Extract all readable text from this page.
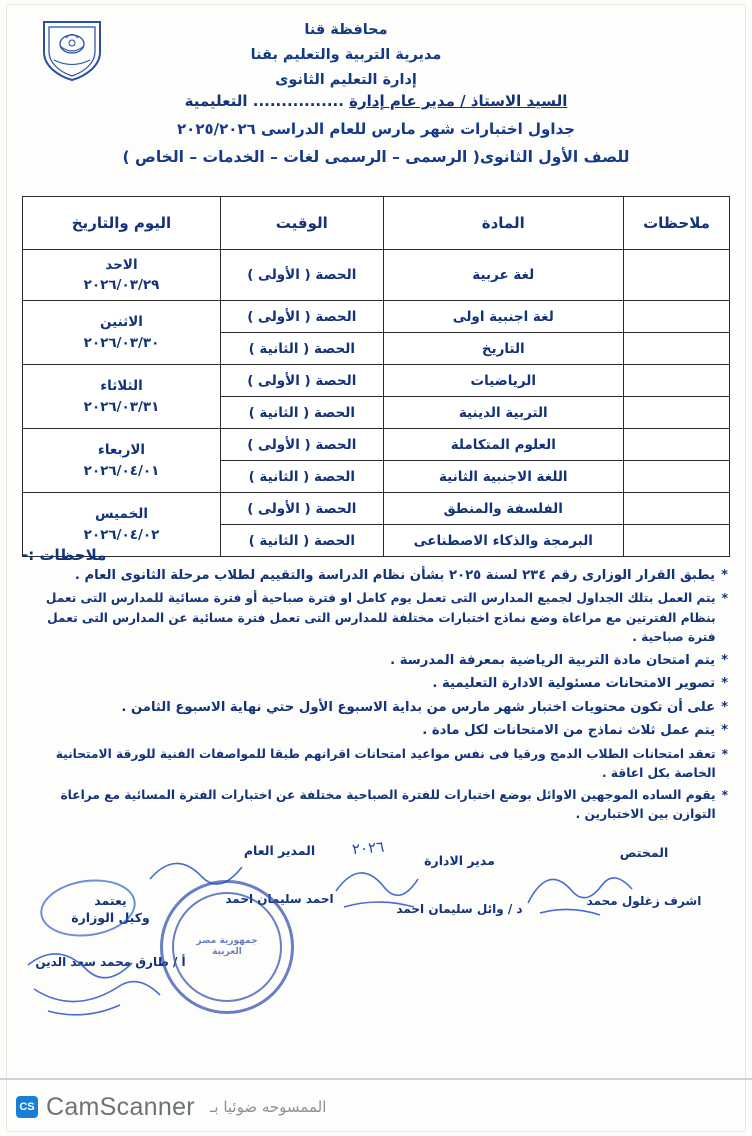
محافظة قنا
مديرية التربية والتعليم بقنا
إدارة التعليم الثانوى
السيد الاستاذ / مدير عام إدارة ................ التعليمية
جداول اختبارات شهر مارس للعام الدراسى ٢٠٢٥/٢٠٢٦
للصف الأول الثانوى( الرسمى – الرسمى لغات – الخدمات – الخاص )
ملاحظات	المادة	الوقيت	اليوم والتاريخ
	لغة عربية	الحصة ( الأولى )	الاحد
٢٠٢٦/٠٣/٢٩

	لغة اجنبية اولى	الحصة ( الأولى )	الاثنين
٢٠٢٦/٠٣/٣٠

	التاريخ	الحصة ( الثانية )	
	الرياضيات	الحصة ( الأولى )	الثلاثاء
٢٠٢٦/٠٣/٣١

	التربية الدينية	الحصة ( الثانية )	
	العلوم المتكاملة	الحصة ( الأولى )	الاربعاء
٢٠٢٦/٠٤/٠١

	اللغة الاجنبية الثانية	الحصة ( الثانية )	
	الفلسفة والمنطق	الحصة ( الأولى )	الخميس
٢٠٢٦/٠٤/٠٢

	البرمجة والذكاء الاصطناعى	الحصة ( الثانية )	
ملاحظات :-
*
يطبق القرار الوزارى رقم ٢٣٤ لسنة ٢٠٢٥ بشأن نظام الدراسة والتقييم لطلاب مرحلة الثانوى العام .
*
يتم العمل بتلك الجداول لجميع المدارس التى تعمل يوم كامل او فترة صباحية أو فترة مسائية للمدارس التى تعمل بنظام الفترتين مع مراعاة وضع نماذج اختبارات مختلفة للمدارس التى تعمل فترة مسائية عن المدارس التى تعمل فترة صباحية .
*
يتم امتحان مادة التربية الرياضية بمعرفة المدرسة .
*
تصوير الامتحانات مسئولية الادارة التعليمية .
*
على أن تكون محتويات اختبار شهر مارس من بداية الاسبوع الأول حتي نهاية الاسبوع الثامن .
*
يتم عمل ثلاث نماذج من الامتحانات لكل مادة .
*
تعقد امتحانات الطلاب الدمج ورقيا فى نفس مواعيد امتحانات اقرانهم طبقا للمواصفات الفنية للورقة الامتحانية الخاصة بكل اعاقة .
*
يقوم الساده الموجهين الاوائل بوضع اختبارات للفترة الصباحية مختلفة عن اختبارات الفترة المسائية مع مراعاة التوازن بين الاختبارين .
المختص
اشرف زغلول محمد
مدير الادارة
د / وائل سليمان احمد
المدير العام
احمد سليمان احمد
يعتمد
وكيل الوزارة
أ / طارق محمد سعد الدين
٢٠٢٦
جمهورية مصر العربية
CS CamScanner الممسوحه ضوئيا بـ
